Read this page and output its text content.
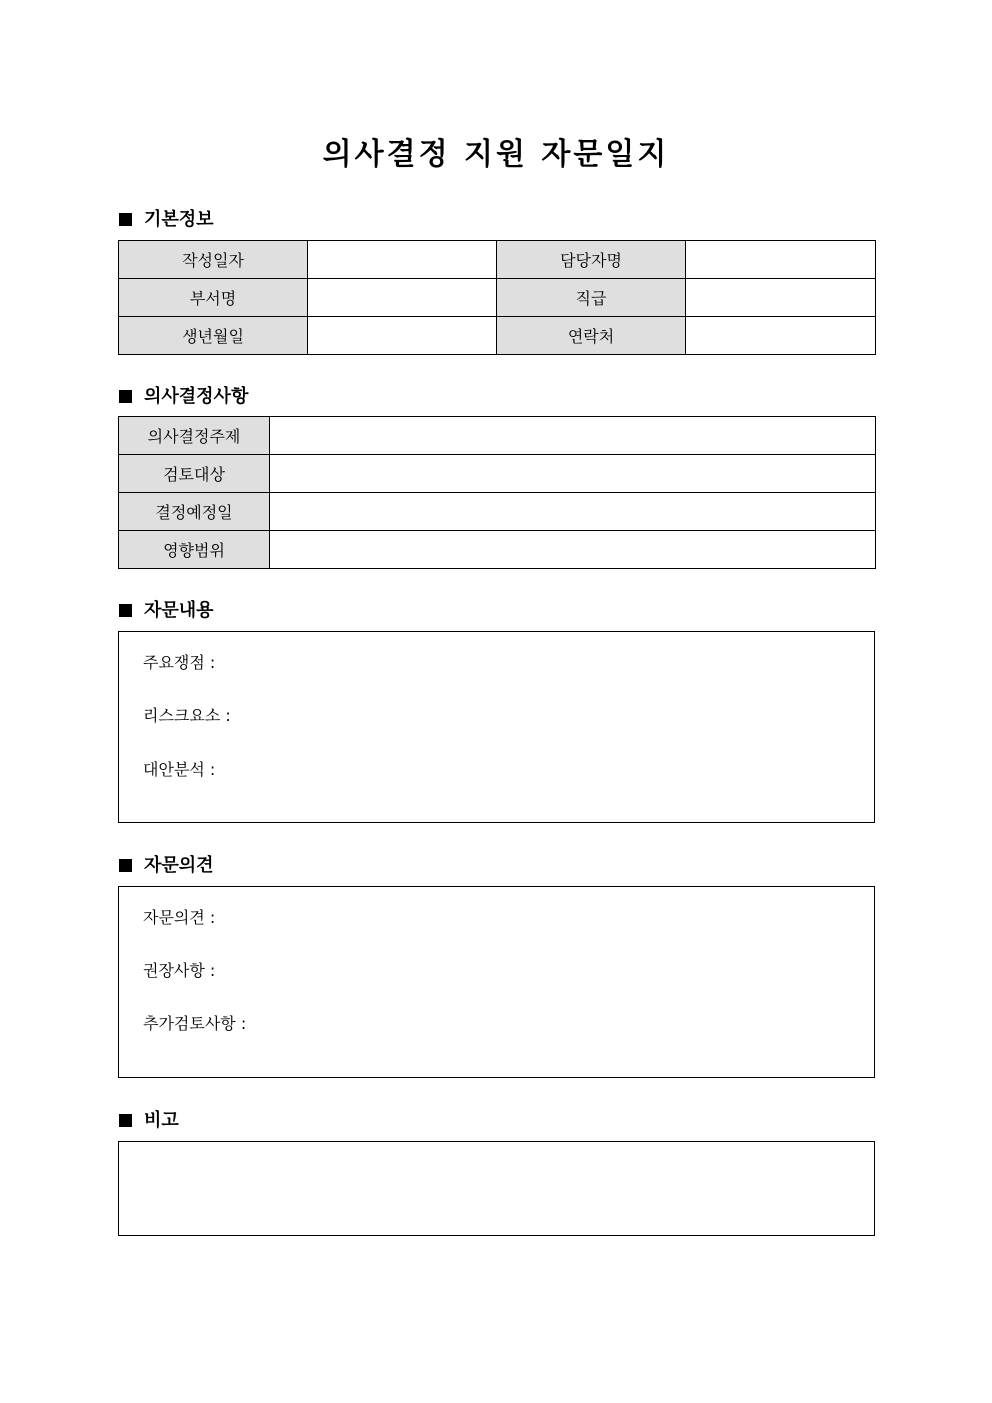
의사결정 지원 자문일지
기본정보
작성일자		담당자명	
부서명		직급	
생년월일		연락처	
의사결정사항
의사결정주제	
검토대상	
결정예정일	
영향범위	
자문내용
주요쟁점 :
리스크요소 :
대안분석 :
자문의견
자문의견 :
권장사항 :
추가검토사항 :
비고
